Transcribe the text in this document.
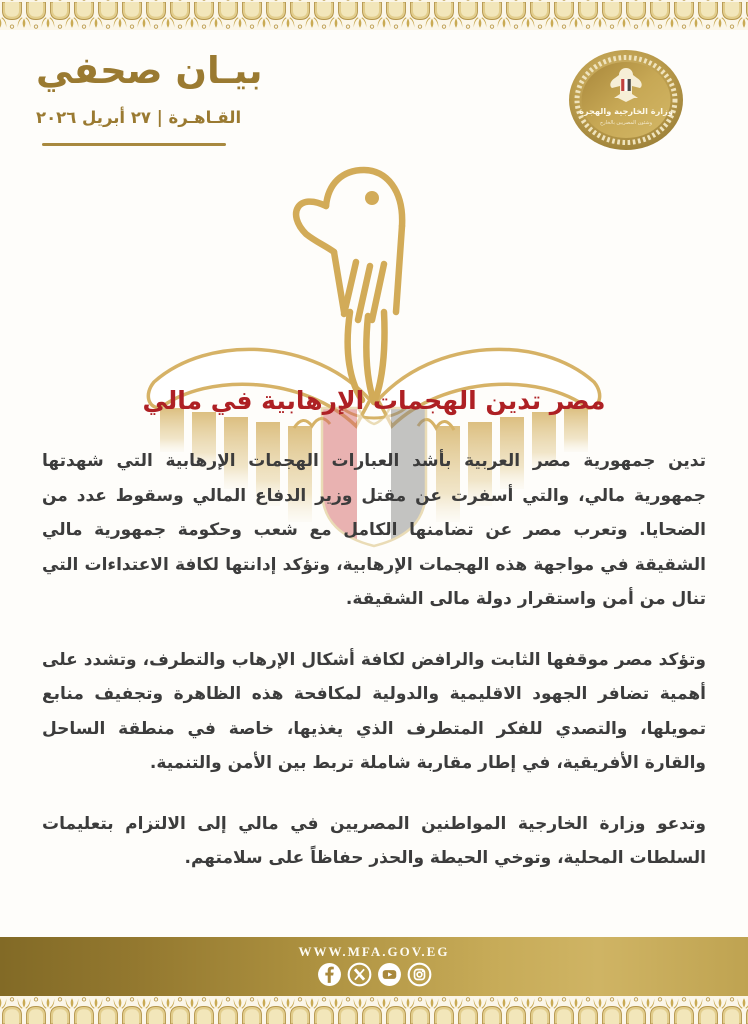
بيـان صحفي
القـاهـرة | ٢٧ أبريل ٢٠٢٦	وزارة الخارجية والهجرة
وشئون المصريين بالخارج
مصر تدين الهجمات الإرهابية في مالي

تدين جمهورية مصر العربية بأشد العبارات الهجمات الإرهابية التي شهدتها جمهورية مالي، والتي أسفرت عن مقتل وزير الدفاع المالي وسقوط عدد من الضحايا. وتعرب مصر عن تضامنها الكامل مع شعب وحكومة جمهورية مالي الشقيقة في مواجهة هذه الهجمات الإرهابية، وتؤكد إدانتها لكافة الاعتداءات التي تنال من أمن واستقرار دولة مالى الشقيقة.

وتؤكد مصر موقفها الثابت والرافض لكافة أشكال الإرهاب والتطرف، وتشدد على أهمية تضافر الجهود الاقليمية والدولية لمكافحة هذه الظاهرة وتجفيف منابع تمويلها، والتصدي للفكر المتطرف الذي يغذيها، خاصة في منطقة الساحل والقارة الأفريقية، في إطار مقاربة شاملة تربط بين الأمن والتنمية.

وتدعو وزارة الخارجية المواطنين المصريين في مالي إلى الالتزام بتعليمات السلطات المحلية، وتوخي الحيطة والحذر حفاظاً على سلامتهم.

WWW.MFA.GOV.EG
